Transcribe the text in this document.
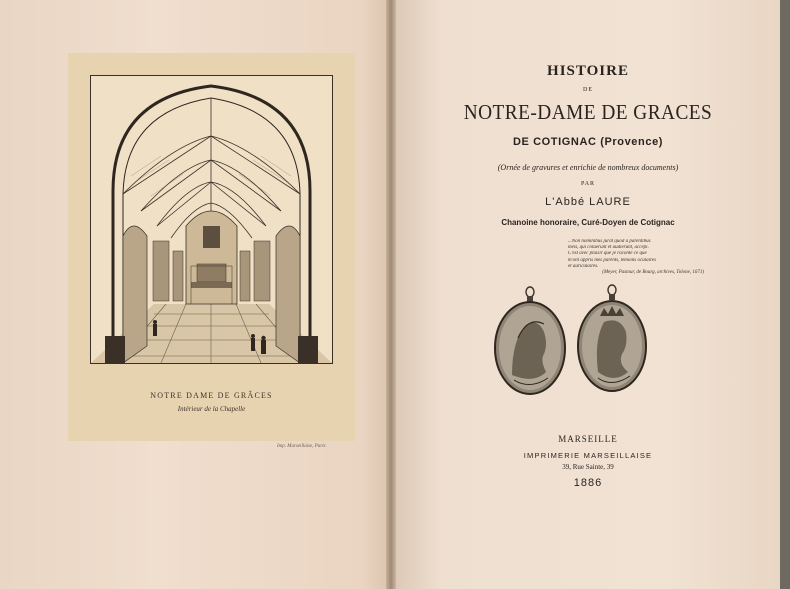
NOTRE DAME DE GRÂCES
Intérieur de la Chapelle
Imp. Marseillaise, Paris
HISTOIRE
DE
NOTRE-DAME DE GRACES
DE COTIGNAC (Provence)
(Ornée de gravures et enrichie de nombreux documents)
PAR
L'Abbé LAURE
Chanoine honoraire, Curé-Doyen de Cotignac
...Non nominibus jurat quod a parentibus
meis, qui coluerunt et audierunt, accepi.
C'est avec plaisir que je raconte ce que
m'ont appris mes parents, témoins oculaires
et auriculaires.
(Meyer, Pastour, de Bourg, archives, Tolone, 1671)
MARSEILLE
IMPRIMERIE MARSEILLAISE
39, Rue Sainte, 39
1886
